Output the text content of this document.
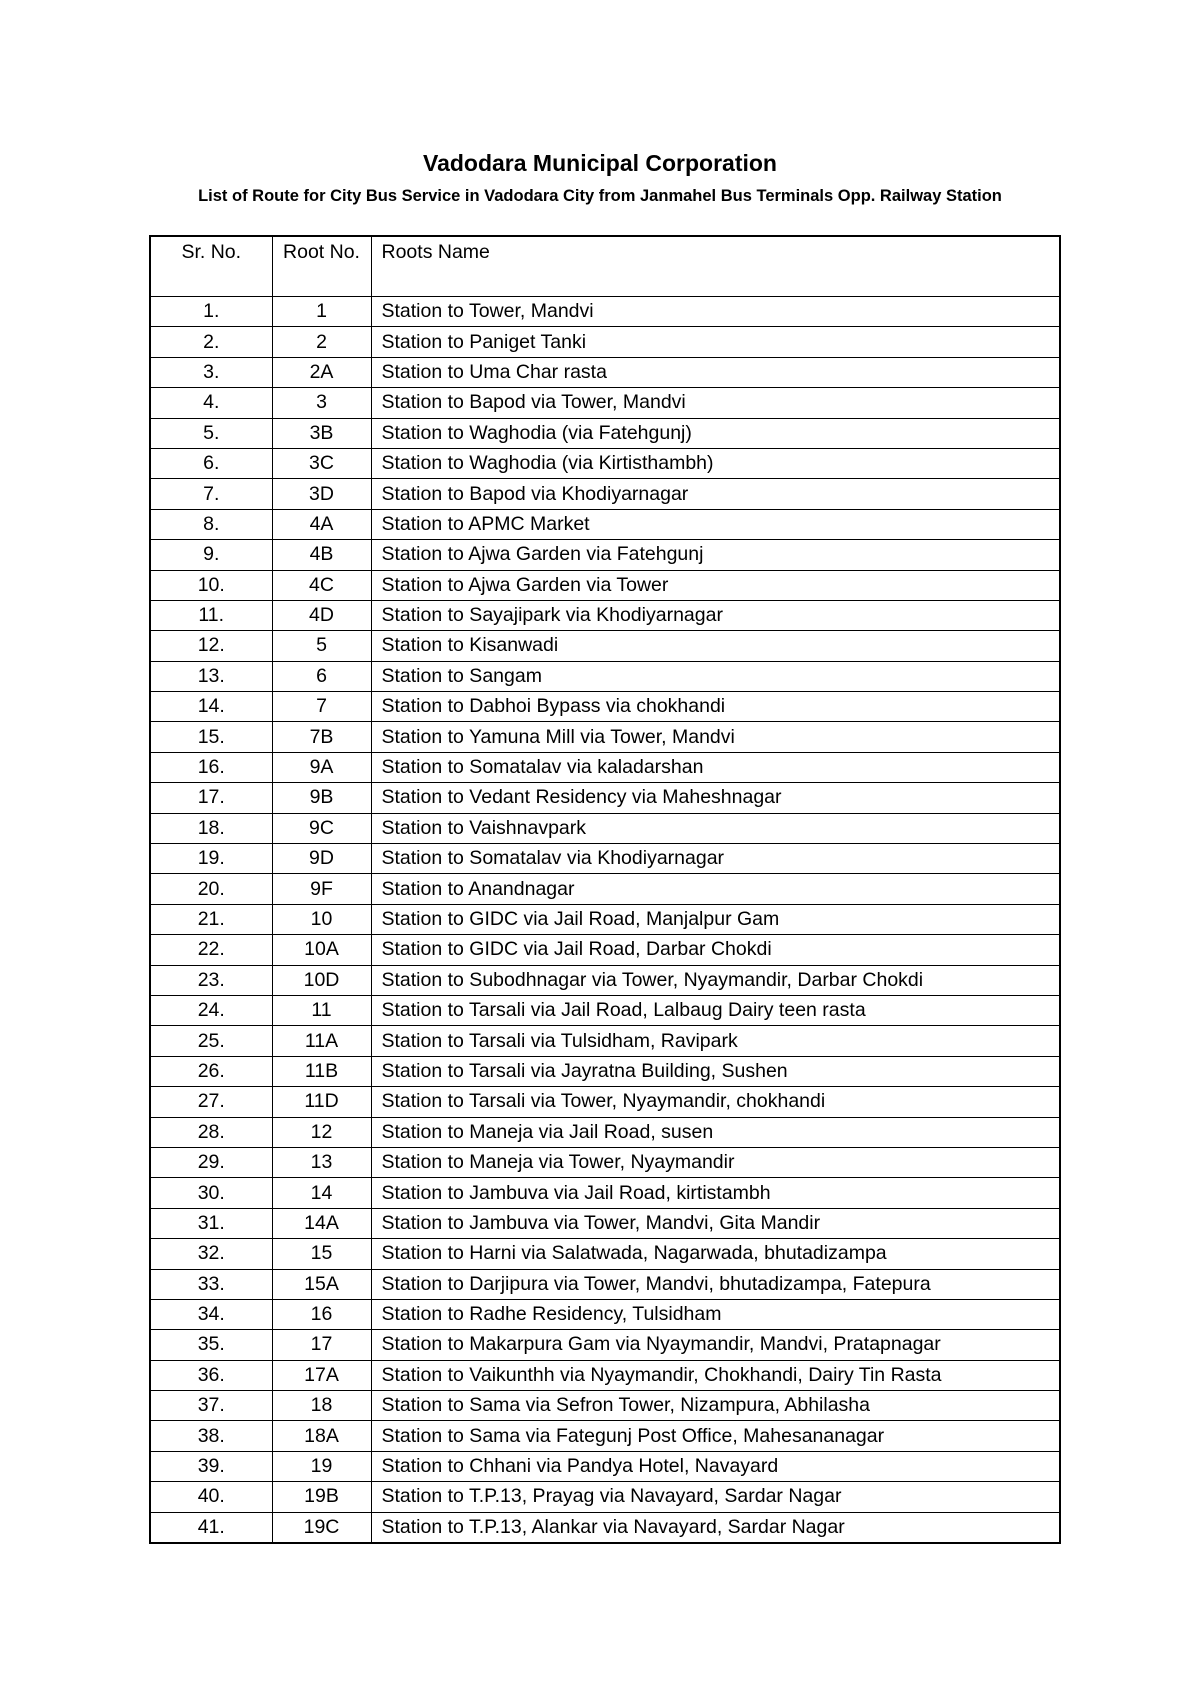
Vadodara Municipal Corporation
List of Route for City Bus Service in Vadodara City from Janmahel Bus Terminals Opp. Railway Station
Sr. No.	Root No.	Roots Name
1.	1	Station to Tower, Mandvi
2.	2	Station to Paniget Tanki
3.	2A	Station to Uma Char rasta
4.	3	Station to Bapod via Tower, Mandvi
5.	3B	Station to Waghodia (via Fatehgunj)
6.	3C	Station to Waghodia (via Kirtisthambh)
7.	3D	Station to Bapod via Khodiyarnagar
8.	4A	Station to APMC Market
9.	4B	Station to Ajwa Garden via Fatehgunj
10.	4C	Station to Ajwa Garden via Tower
11.	4D	Station to Sayajipark via Khodiyarnagar
12.	5	Station to Kisanwadi
13.	6	Station to Sangam
14.	7	Station to Dabhoi Bypass via chokhandi
15.	7B	Station to Yamuna Mill via Tower, Mandvi
16.	9A	Station to Somatalav via kaladarshan
17.	9B	Station to Vedant Residency via Maheshnagar
18.	9C	Station to Vaishnavpark
19.	9D	Station to Somatalav via Khodiyarnagar
20.	9F	Station to Anandnagar
21.	10	Station to GIDC via Jail Road, Manjalpur Gam
22.	10A	Station to GIDC via Jail Road, Darbar Chokdi
23.	10D	Station to Subodhnagar via Tower, Nyaymandir, Darbar Chokdi
24.	11	Station to Tarsali via Jail Road, Lalbaug Dairy teen rasta
25.	11A	Station to Tarsali via Tulsidham, Ravipark
26.	11B	Station to Tarsali via Jayratna Building, Sushen
27.	11D	Station to Tarsali via Tower, Nyaymandir, chokhandi
28.	12	Station to Maneja via Jail Road, susen
29.	13	Station to Maneja via Tower, Nyaymandir
30.	14	Station to Jambuva via Jail Road, kirtistambh
31.	14A	Station to Jambuva via Tower, Mandvi, Gita Mandir
32.	15	Station to Harni via Salatwada, Nagarwada, bhutadizampa
33.	15A	Station to Darjipura via Tower, Mandvi, bhutadizampa, Fatepura
34.	16	Station to Radhe Residency, Tulsidham
35.	17	Station to Makarpura Gam via Nyaymandir, Mandvi, Pratapnagar
36.	17A	Station to Vaikunthh via Nyaymandir, Chokhandi, Dairy Tin Rasta
37.	18	Station to Sama via Sefron Tower, Nizampura, Abhilasha
38.	18A	Station to Sama via Fategunj Post Office, Mahesananagar
39.	19	Station to Chhani via Pandya Hotel, Navayard
40.	19B	Station to T.P.13, Prayag via Navayard, Sardar Nagar
41.	19C	Station to T.P.13, Alankar via Navayard, Sardar Nagar
